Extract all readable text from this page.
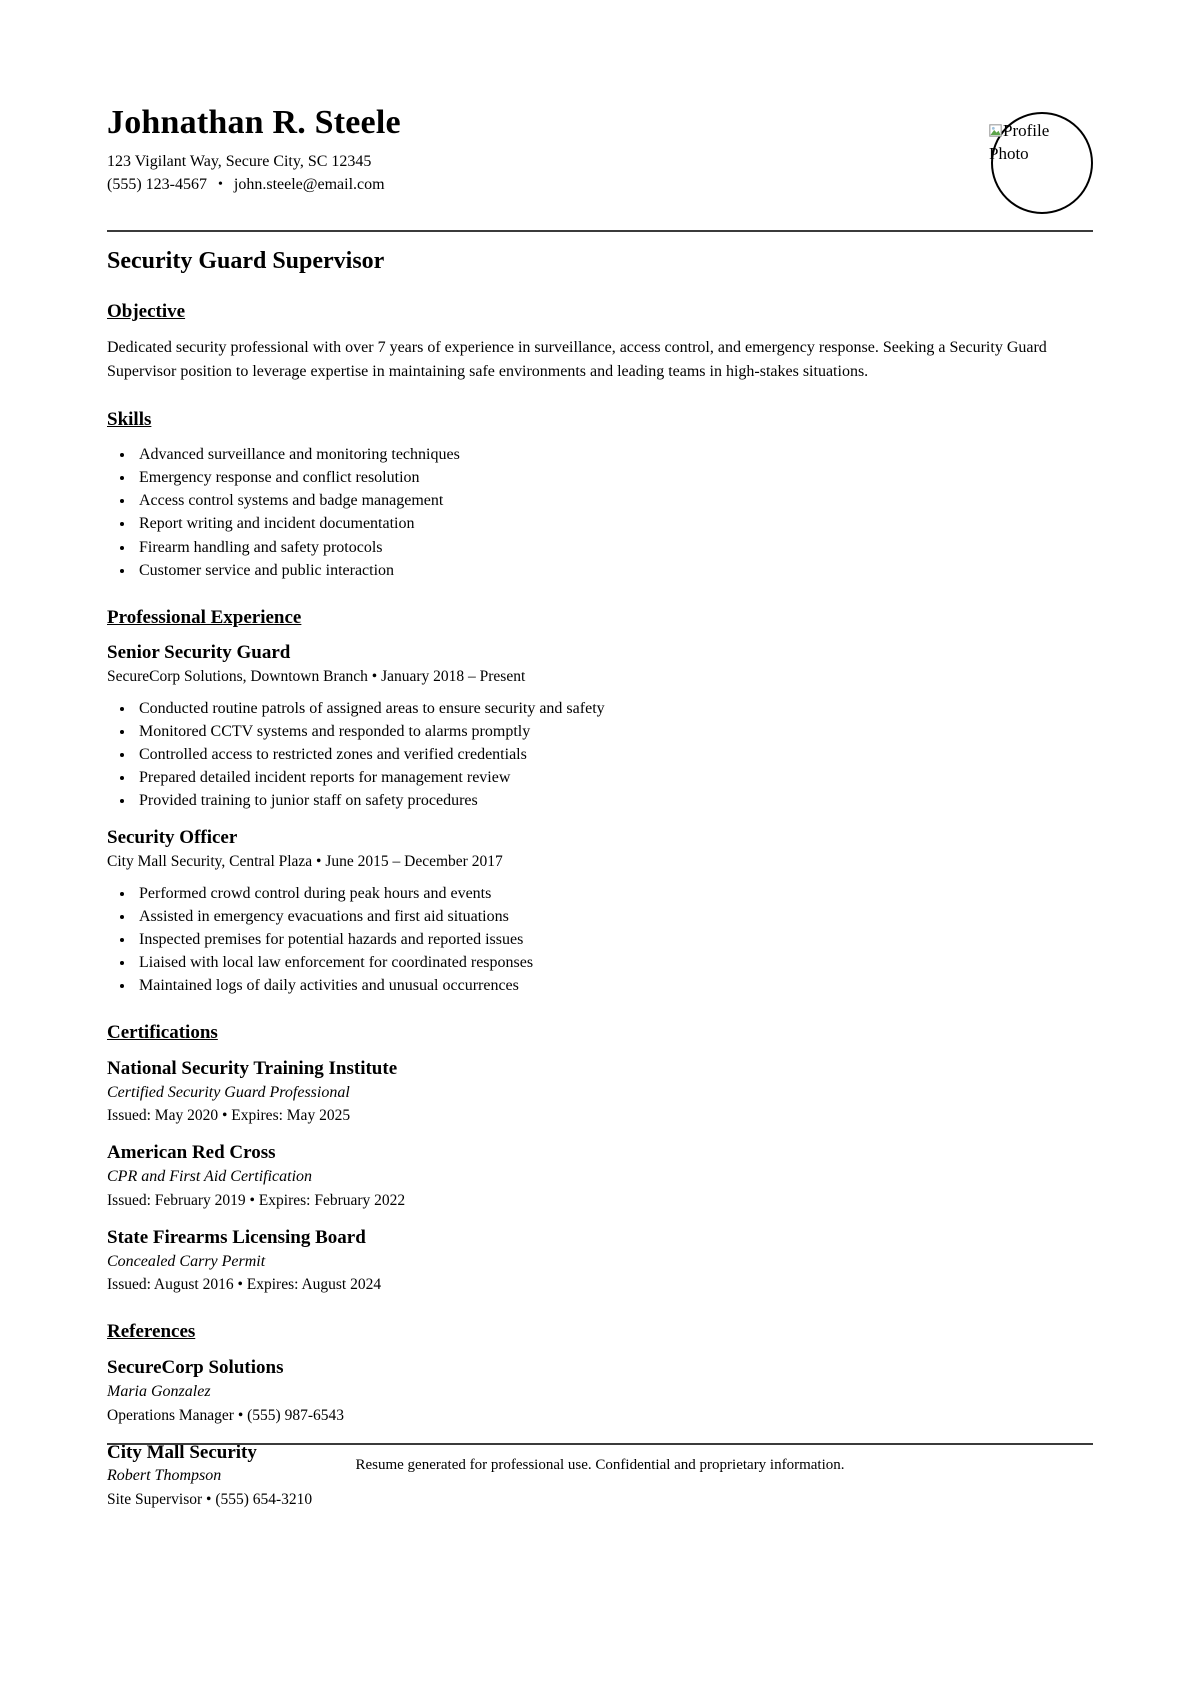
Johnathan R. Steele

123 Vigilant Way, Secure City, SC 12345

(555) 123-4567 • john.steele@email.com

Profile Photo
Security Guard Supervisor
Objective

Dedicated security professional with over 7 years of experience in surveillance, access control, and emergency response. Seeking a Security Guard Supervisor position to leverage expertise in maintaining safe environments and leading teams in high-stakes situations.

Skills
• Advanced surveillance and monitoring techniques
• Emergency response and conflict resolution
• Access control systems and badge management
• Report writing and incident documentation
• Firearm handling and safety protocols
• Customer service and public interaction
Professional Experience
Senior Security Guard

SecureCorp Solutions, Downtown Branch • January 2018 – Present

• Conducted routine patrols of assigned areas to ensure security and safety
• Monitored CCTV systems and responded to alarms promptly
• Controlled access to restricted zones and verified credentials
• Prepared detailed incident reports for management review
• Provided training to junior staff on safety procedures
Security Officer

City Mall Security, Central Plaza • June 2015 – December 2017

• Performed crowd control during peak hours and events
• Assisted in emergency evacuations and first aid situations
• Inspected premises for potential hazards and reported issues
• Liaised with local law enforcement for coordinated responses
• Maintained logs of daily activities and unusual occurrences
Certifications
National Security Training Institute

Certified Security Guard Professional

Issued: May 2020 • Expires: May 2025

American Red Cross

CPR and First Aid Certification

Issued: February 2019 • Expires: February 2022

State Firearms Licensing Board

Concealed Carry Permit

Issued: August 2016 • Expires: August 2024

References
SecureCorp Solutions

Maria Gonzalez

Operations Manager • (555) 987-6543

City Mall Security

Robert Thompson

Site Supervisor • (555) 654-3210

Resume generated for professional use. Confidential and proprietary information.
